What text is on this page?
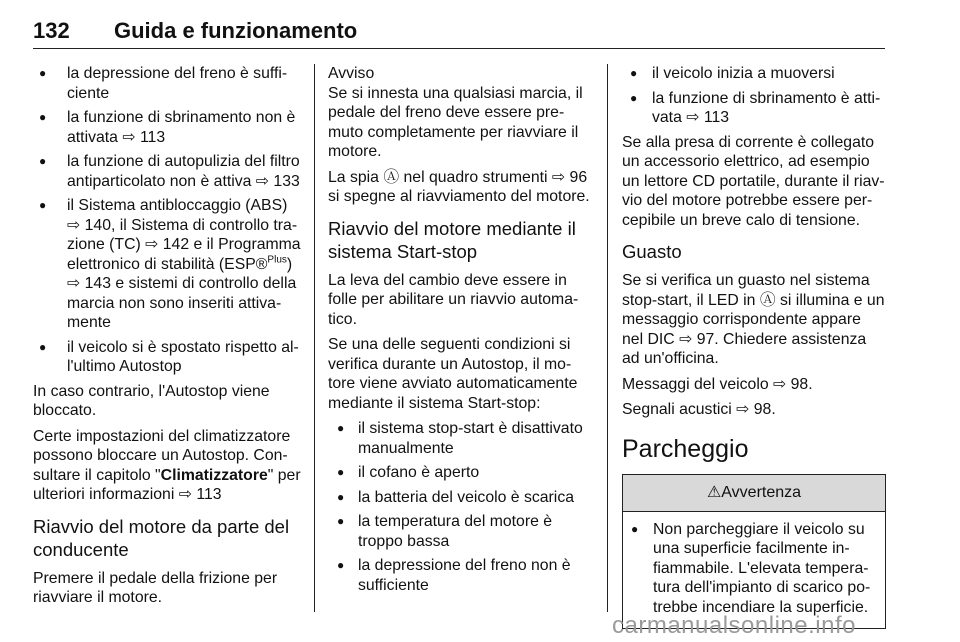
132 Guida e funzionamento
● la depressione del freno è suffi-ciente
● la funzione di sbrinamento non è attivata ⇨ 113
● la funzione di autopulizia del filtro antiparticolato non è attiva ⇨ 133
● il Sistema antibloccaggio (ABS) ⇨ 140, il Sistema di controllo tra-zione (TC) ⇨ 142 e il Programma elettronico di stabilità (ESP®$^{Plus}$) ⇨ 143 e sistemi di controllo della marcia non sono inseriti attiva-mente
● il veicolo si è spostato rispetto al-l'ultimo Autostop

In caso contrario, l'Autostop viene bloccato.

Certe impostazioni del climatizzatore possono bloccare un Autostop. Con-sultare il capitolo "Climatizzatore" per ulteriori informazioni ⇨ 113

Riavvio del motore da parte del conducente

Premere il pedale della frizione per riavviare il motore.

Avviso

Se si innesta una qualsiasi marcia, il pedale del freno deve essere pre-muto completamente per riavviare il motore.

La spia Ⓐ nel quadro strumenti ⇨ 96 si spegne al riavviamento del motore.

Riavvio del motore mediante il sistema Start-stop

La leva del cambio deve essere in folle per abilitare un riavvio automa-tico.

Se una delle seguenti condizioni si verifica durante un Autostop, il mo-tore viene avviato automaticamente mediante il sistema Start-stop:

● il sistema stop-start è disattivato manualmente
● il cofano è aperto
● la batteria del veicolo è scarica
● la temperatura del motore è troppo bassa
● la depressione del freno non è sufficiente
● il veicolo inizia a muoversi
● la funzione di sbrinamento è atti-vata ⇨ 113

Se alla presa di corrente è collegato un accessorio elettrico, ad esempio un lettore CD portatile, durante il riav-vio del motore potrebbe essere per-cepibile un breve calo di tensione.

Guasto

Se si verifica un guasto nel sistema stop-start, il LED in Ⓐ si illumina e un messaggio corrispondente appare nel DIC ⇨ 97. Chiedere assistenza ad un'officina.

Messaggi del veicolo ⇨ 98.

Segnali acustici ⇨ 98.

Parcheggio
⚠Avvertenza
● Non parcheggiare il veicolo su una superficie facilmente in-fiammabile. L'elevata tempera-tura dell'impianto di scarico po-trebbe incendiare la superficie.
carmanualsonline.info
